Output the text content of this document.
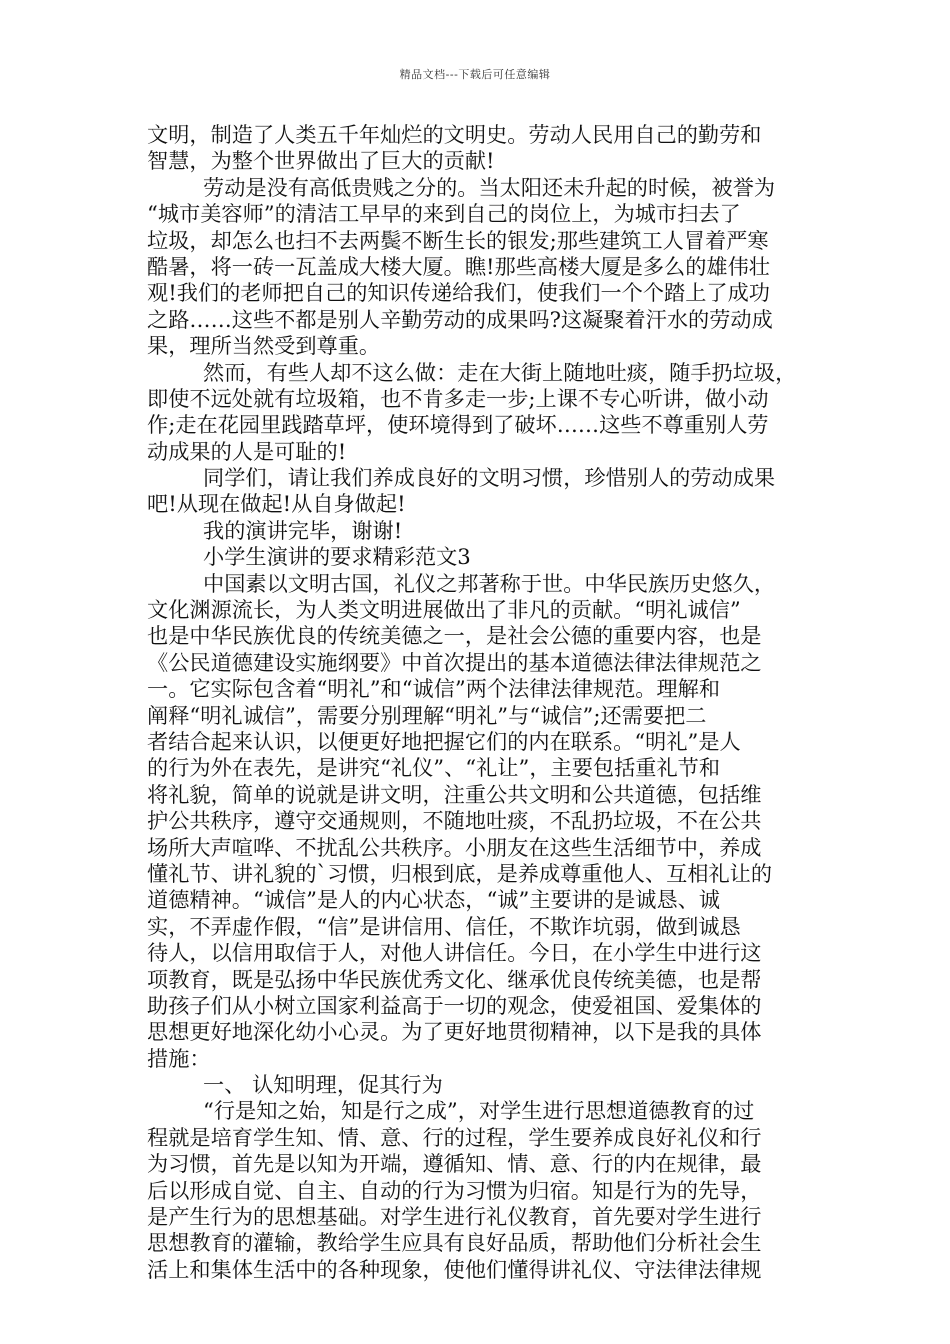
精品文档---下载后可任意编辑
文明，制造了人类五千年灿烂的文明史。劳动人民用自己的勤劳和
智慧，为整个世界做出了巨大的贡献!
劳动是没有高低贵贱之分的。当太阳还未升起的时候，被誉为
“城市美容师”的清洁工早早的来到自己的岗位上，为城市扫去了
垃圾，却怎么也扫不去两鬓不断生长的银发;那些建筑工人冒着严寒
酷暑，将一砖一瓦盖成大楼大厦。瞧!那些高楼大厦是多么的雄伟壮
观!我们的老师把自己的知识传递给我们，使我们一个个踏上了成功
之路……这些不都是别人辛勤劳动的成果吗?这凝聚着汗水的劳动成
果，理所当然受到尊重。
然而，有些人却不这么做：走在大街上随地吐痰，随手扔垃圾，
即使不远处就有垃圾箱，也不肯多走一步;上课不专心听讲，做小动
作;走在花园里践踏草坪，使环境得到了破坏……这些不尊重别人劳
动成果的人是可耻的!
同学们，请让我们养成良好的文明习惯，珍惜别人的劳动成果
吧!从现在做起!从自身做起!
我的演讲完毕，谢谢!
小学生演讲的要求精彩范文3
中国素以文明古国，礼仪之邦著称于世。中华民族历史悠久，
文化渊源流长，为人类文明进展做出了非凡的贡献。“明礼诚信”
也是中华民族优良的传统美德之一，是社会公德的重要内容，也是
《公民道德建设实施纲要》中首次提出的基本道德法律法律规范之
一。它实际包含着“明礼”和“诚信”两个法律法律规范。理解和
阐释“明礼诚信”，需要分别理解“明礼”与“诚信”;还需要把二
者结合起来认识，以便更好地把握它们的内在联系。“明礼”是人
的行为外在表先，是讲究“礼仪”、“礼让”，主要包括重礼节和
将礼貌，简单的说就是讲文明，注重公共文明和公共道德，包括维
护公共秩序，遵守交通规则，不随地吐痰，不乱扔垃圾，不在公共
场所大声喧哗、不扰乱公共秩序。小朋友在这些生活细节中，养成
懂礼节、讲礼貌的`习惯，归根到底，是养成尊重他人、互相礼让的
道德精神。“诚信”是人的内心状态，“诚”主要讲的是诚恳、诚
实，不弄虚作假，“信”是讲信用、信任，不欺诈坑弱，做到诚恳
待人，以信用取信于人，对他人讲信任。今日，在小学生中进行这
项教育，既是弘扬中华民族优秀文化、继承优良传统美德，也是帮
助孩子们从小树立国家利益高于一切的观念，使爱祖国、爱集体的
思想更好地深化幼小心灵。为了更好地贯彻精神，以下是我的具体
措施：
一、 认知明理，促其行为
“行是知之始，知是行之成”，对学生进行思想道德教育的过
程就是培育学生知、情、意、行的过程，学生要养成良好礼仪和行
为习惯，首先是以知为开端，遵循知、情、意、行的内在规律，最
后以形成自觉、自主、自动的行为习惯为归宿。知是行为的先导，
是产生行为的思想基础。对学生进行礼仪教育，首先要对学生进行
思想教育的灌输，教给学生应具有良好品质，帮助他们分析社会生
活上和集体生活中的各种现象，使他们懂得讲礼仪、守法律法律规
